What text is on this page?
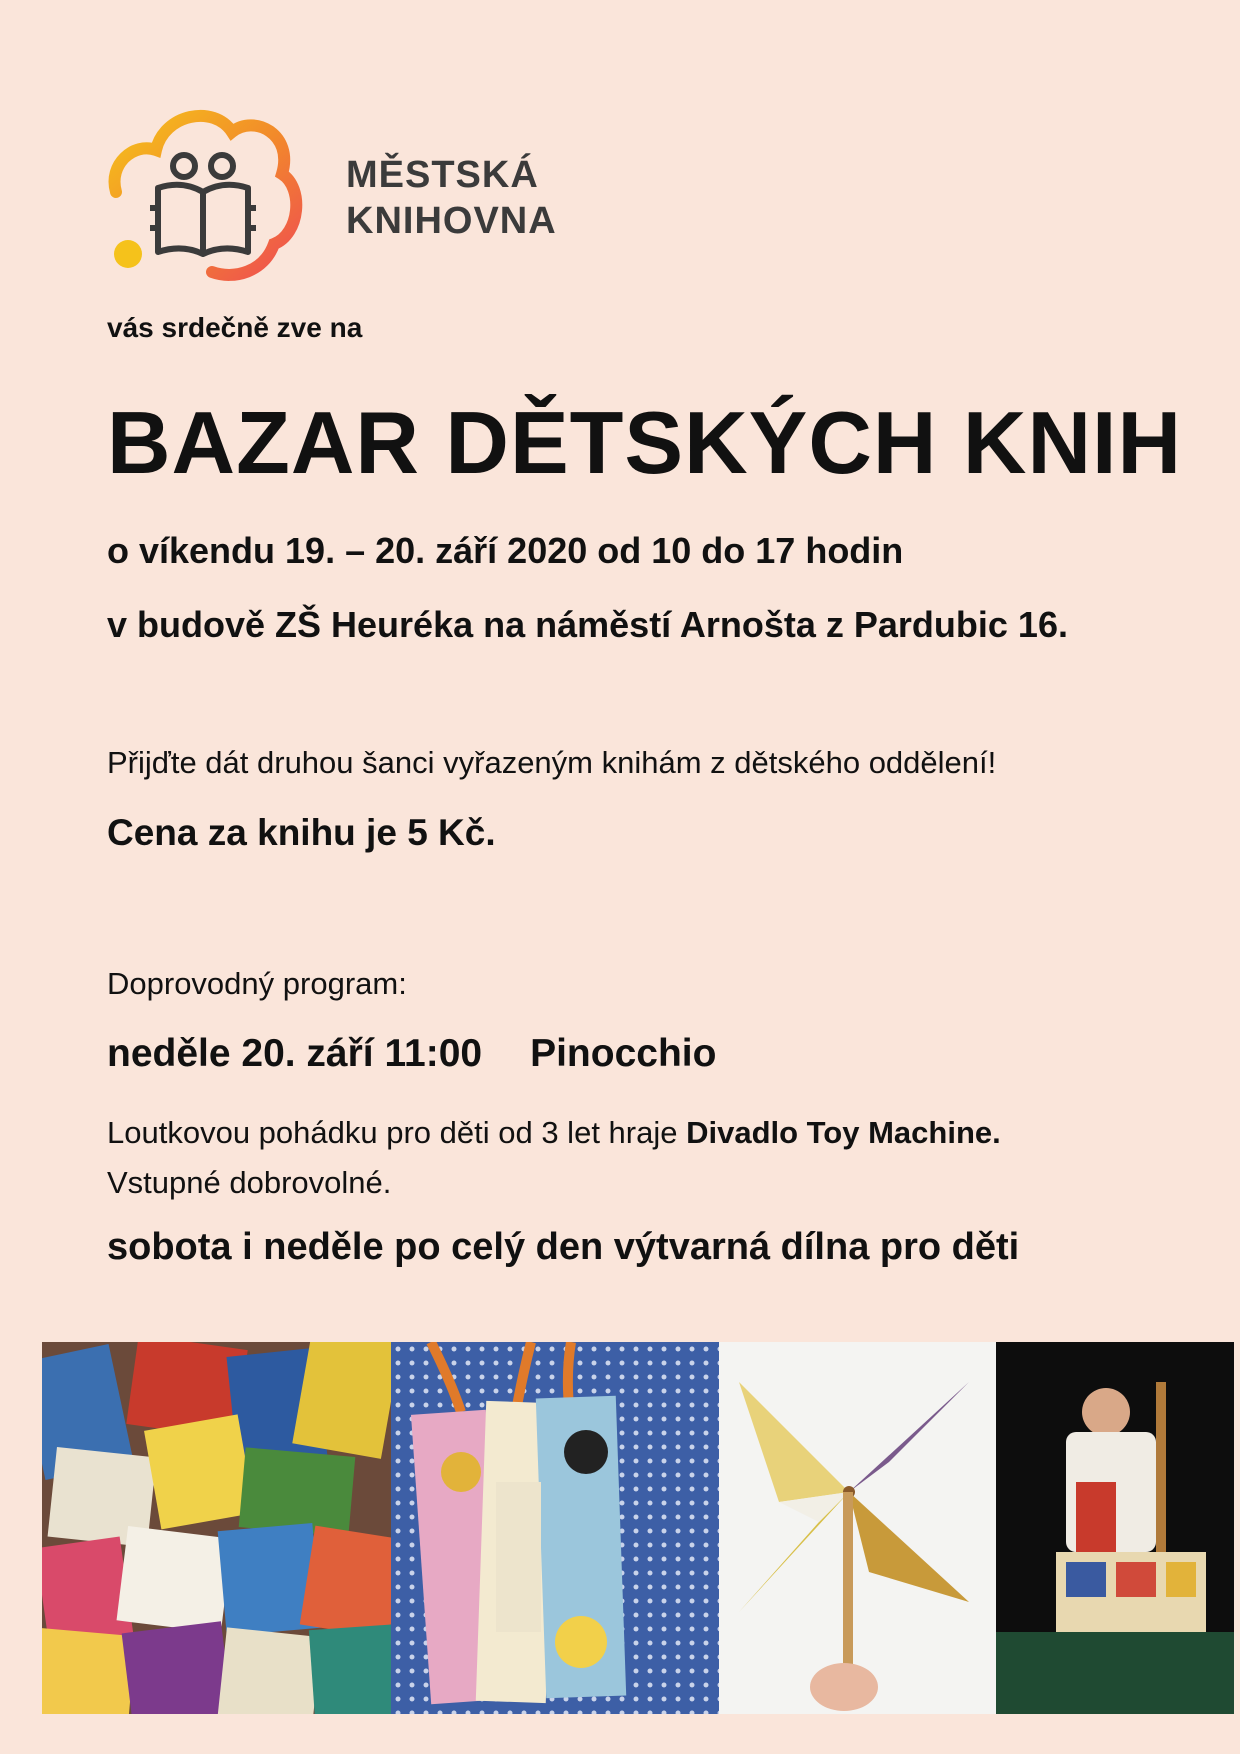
MĚSTSKÁ
KNIHOVNA
vás srdečně zve na
BAZAR DĚTSKÝCH KNIH
o víkendu 19. – 20. září 2020 od 10 do 17 hodin
v budově ZŠ Heuréka na náměstí Arnošta z Pardubic 16.
Přijďte dát druhou šanci vyřazeným knihám z dětského oddělení!
Cena za knihu je 5 Kč.
Doprovodný program:
neděle 20. září 11:00 Pinocchio
Loutkovou pohádku pro děti od 3 let hraje Divadlo Toy Machine.
Vstupné dobrovolné.
sobota i neděle po celý den výtvarná dílna pro děti
